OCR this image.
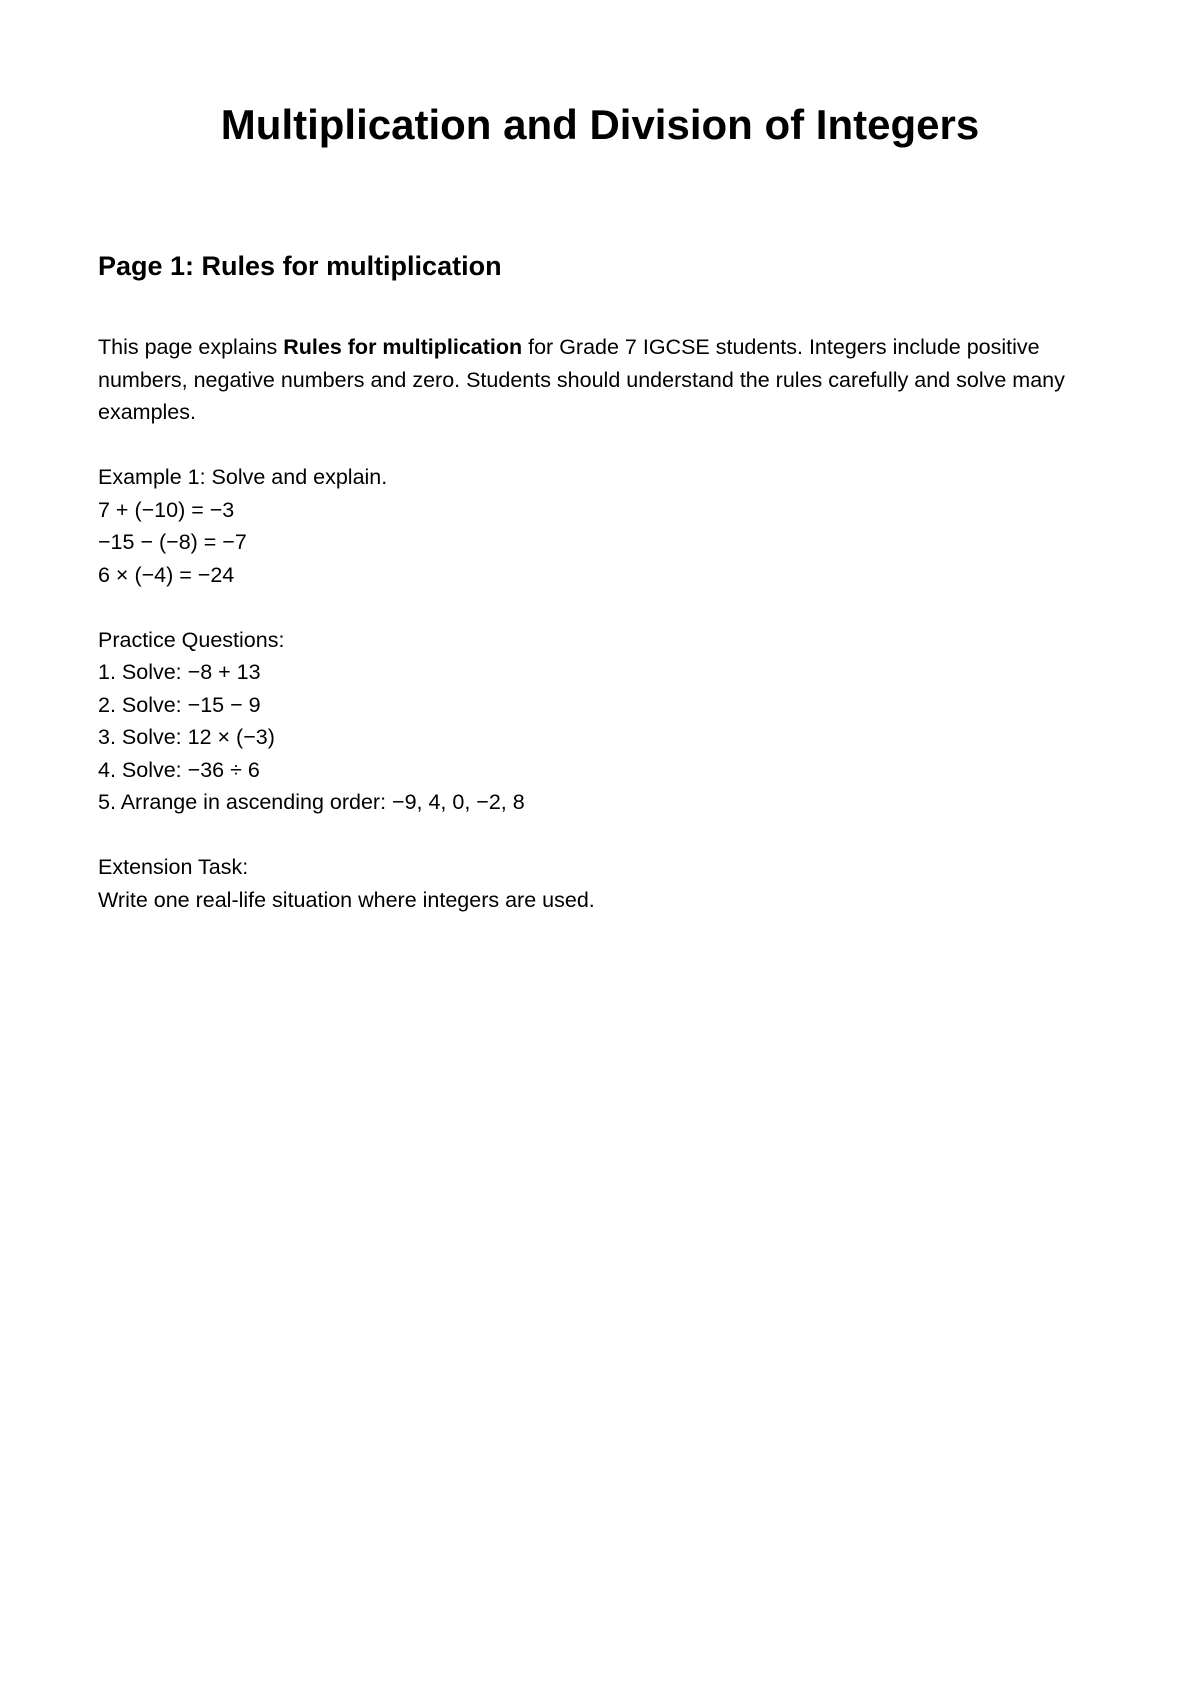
Multiplication and Division of Integers
Page 1: Rules for multiplication

This page explains Rules for multiplication for Grade 7 IGCSE students. Integers include positive numbers, negative numbers and zero. Students should understand the rules carefully and solve many examples.

Example 1: Solve and explain.
7 + (−10) = −3
−15 − (−8) = −7
6 × (−4) = −24
Practice Questions:
1. Solve: −8 + 13
2. Solve: −15 − 9
3. Solve: 12 × (−3)
4. Solve: −36 ÷ 6
5. Arrange in ascending order: −9, 4, 0, −2, 8
Extension Task:
Write one real-life situation where integers are used.
